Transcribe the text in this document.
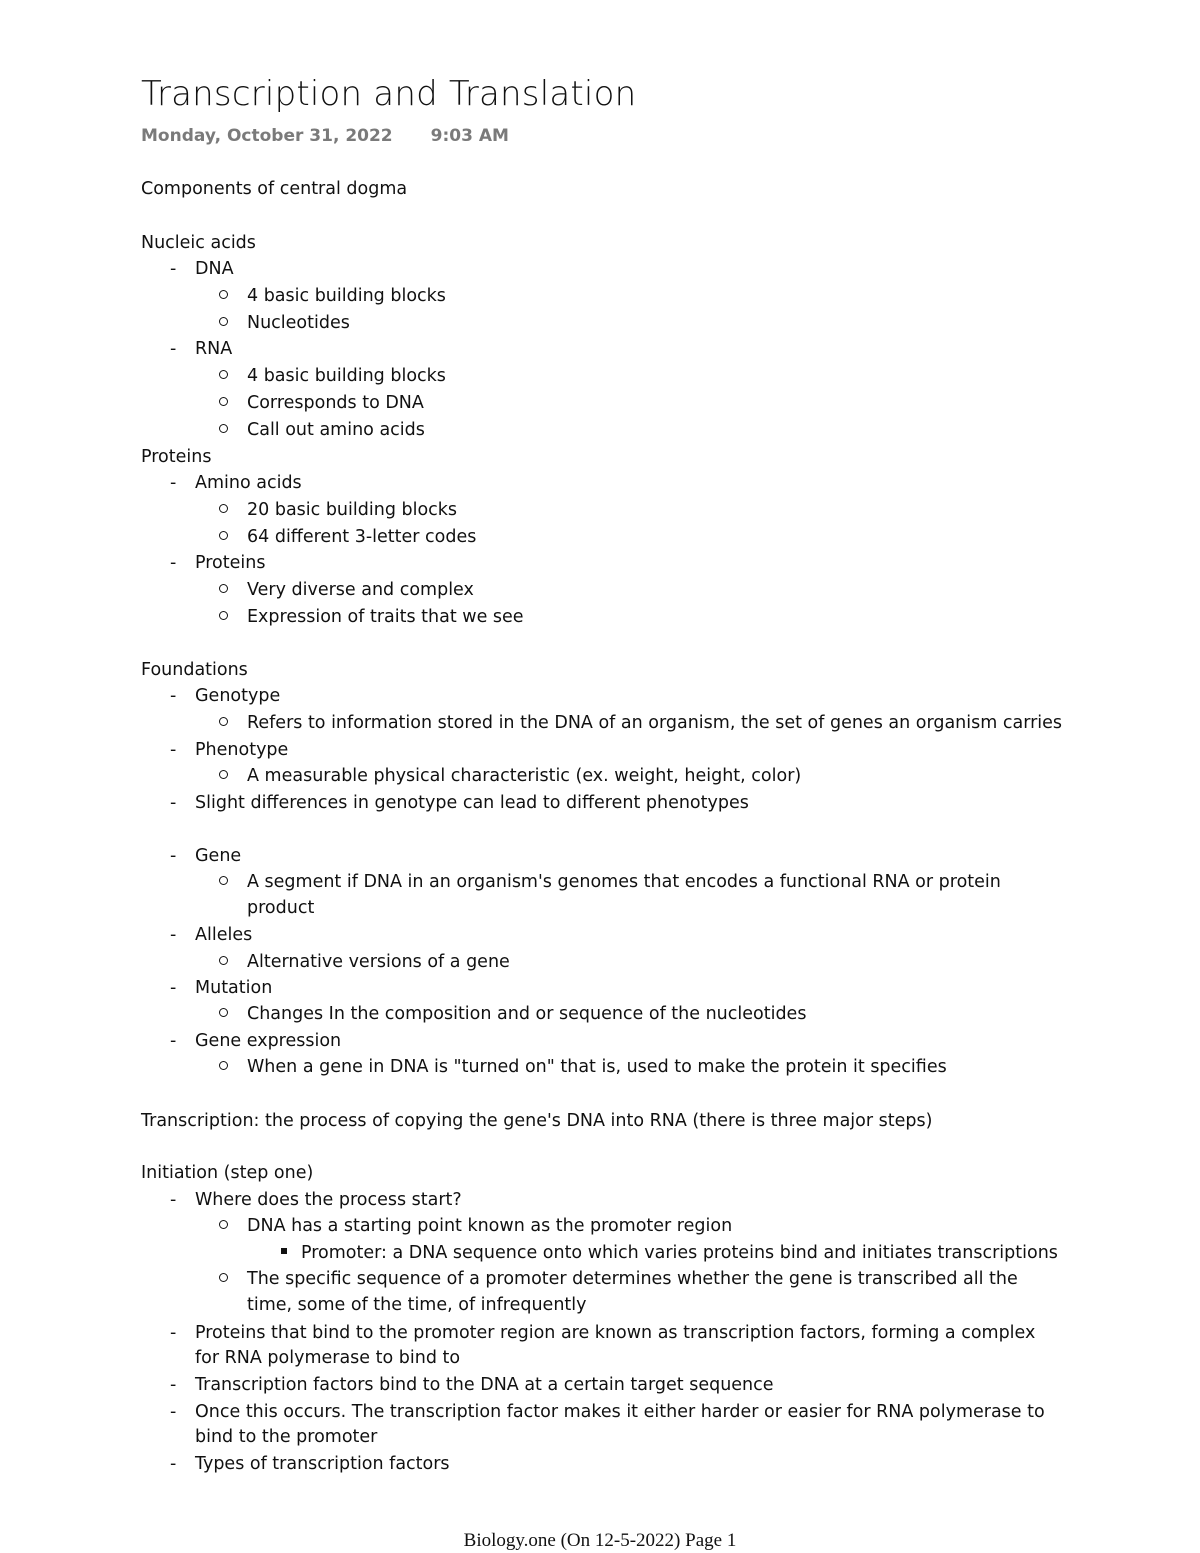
Transcription and Translation
Monday, October 31, 2022 9:03 AM
Components of central dogma
Nucleic acids
- DNA
4 basic building blocks
Nucleotides
- RNA
4 basic building blocks
Corresponds to DNA
Call out amino acids
Proteins
- Amino acids
20 basic building blocks
64 different 3-letter codes
- Proteins
Very diverse and complex
Expression of traits that we see
Foundations
- Genotype
Refers to information stored in the DNA of an organism, the set of genes an organism carries
- Phenotype
A measurable physical characteristic (ex. weight, height, color)
- Slight differences in genotype can lead to different phenotypes
- Gene
A segment if DNA in an organism's genomes that encodes a functional RNA or protein
product
- Alleles
Alternative versions of a gene
- Mutation
Changes In the composition and or sequence of the nucleotides
- Gene expression
When a gene in DNA is "turned on" that is, used to make the protein it specifies
Transcription: the process of copying the gene's DNA into RNA (there is three major steps)
Initiation (step one)
- Where does the process start?
DNA has a starting point known as the promoter region
Promoter: a DNA sequence onto which varies proteins bind and initiates transcriptions
The specific sequence of a promoter determines whether the gene is transcribed all the
time, some of the time, of infrequently
- Proteins that bind to the promoter region are known as transcription factors, forming a complex
for RNA polymerase to bind to
- Transcription factors bind to the DNA at a certain target sequence
- Once this occurs. The transcription factor makes it either harder or easier for RNA polymerase to
bind to the promoter
- Types of transcription factors
Biology.one (On 12-5-2022) Page 1
